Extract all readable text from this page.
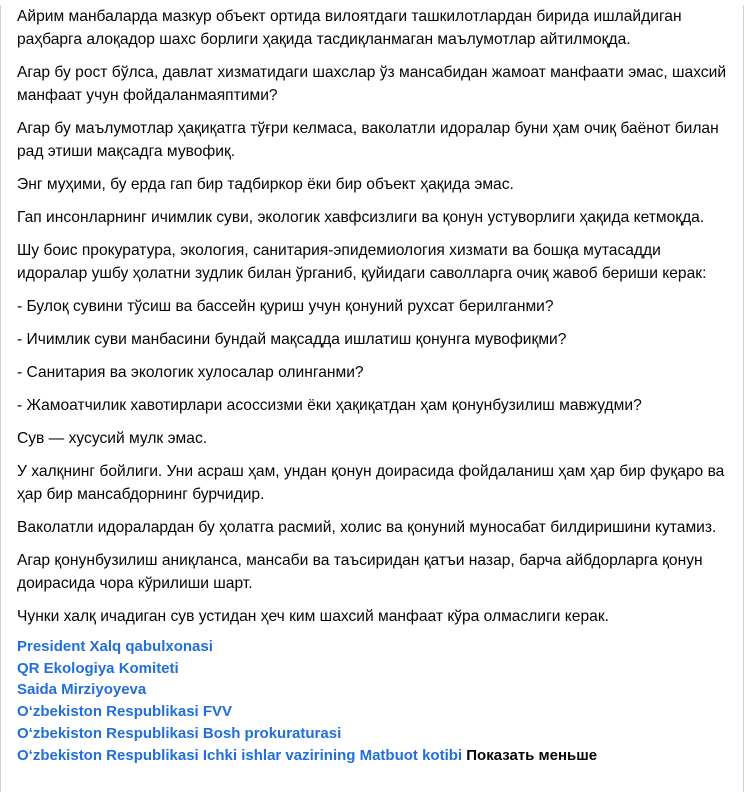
Айрим манбаларда мазкур объект ортида вилоятдаги ташкилотлардан бирида ишлайдиган раҳбарга алоқадор шахс борлиги ҳақида тасдиқланмаган маълумотлар айтилмоқда.

Агар бу рост бўлса, давлат хизматидаги шахслар ўз мансабидан жамоат манфаати эмас, шахсий манфаат учун фойдаланмаяптими?

Агар бу маълумотлар ҳақиқатга тўғри келмаса, ваколатли идоралар буни ҳам очиқ баёнот билан рад этиши мақсадга мувофиқ.

Энг муҳими, бу ерда гап бир тадбиркор ёки бир объект ҳақида эмас.

Гап инсонларнинг ичимлик суви, экологик хавфсизлиги ва қонун устуворлиги ҳақида кетмоқда.

Шу боис прокуратура, экология, санитария-эпидемиология хизмати ва бошқа мутасадди идоралар ушбу ҳолатни зудлик билан ўрганиб, қуйидаги саволларга очиқ жавоб бериши керак:

- Булоқ сувини тўсиш ва бассейн қуриш учун қонуний рухсат берилганми?

- Ичимлик суви манбасини бундай мақсадда ишлатиш қонунга мувофиқми?

- Санитария ва экологик хулосалар олинганми?

- Жамоатчилик хавотирлари асоссизми ёки ҳақиқатдан ҳам қонунбузилиш мавжудми?

Сув — хусусий мулк эмас.

У халқнинг бойлиги. Уни асраш ҳам, ундан қонун доирасида фойдаланиш ҳам ҳар бир фуқаро ва ҳар бир мансабдорнинг бурчидир.

Ваколатли идоралардан бу ҳолатга расмий, холис ва қонуний муносабат билдиришини кутамиз.

Агар қонунбузилиш аниқланса, мансаби ва таъсиридан қатъи назар, барча айбдорларга қонун доирасида чора кўрилиши шарт.

Чунки халқ ичадиган сув устидан ҳеч ким шахсий манфаат кўра олмаслиги керак.

President Xalq qabulxonasi
QR Ekologiya Komiteti
Saida Mirziyoyeva
O‘zbekiston Respublikasi FVV
O‘zbekiston Respublikasi Bosh prokuraturasi
O‘zbekiston Respublikasi Ichki ishlar vazirining Matbuot kotibi Показать меньше
